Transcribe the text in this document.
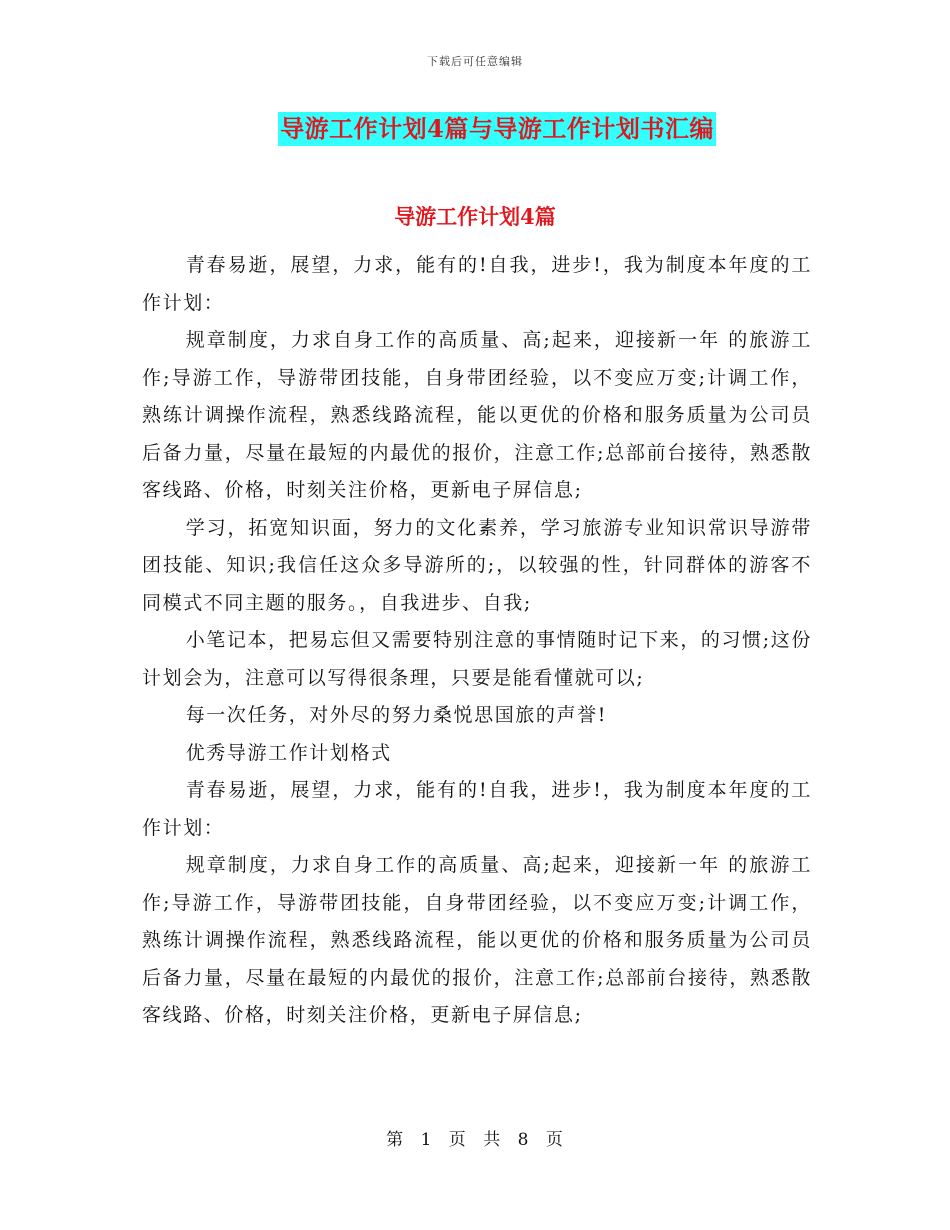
下载后可任意编辑
导游工作计划4篇与导游工作计划书汇编
导游工作计划4篇

青春易逝，展望，力求，能有的!自我，进步!，我为制度本年度的工作计划：

规章制度，力求自身工作的高质量、高;起来，迎接新一年 的旅游工作;导游工作，导游带团技能，自身带团经验，以不变应万变;计调工作，熟练计调操作流程，熟悉线路流程，能以更优的价格和服务质量为公司员后备力量，尽量在最短的内最优的报价，注意工作;总部前台接待，熟悉散客线路、价格，时刻关注价格，更新电子屏信息;

学习，拓宽知识面，努力的文化素养，学习旅游专业知识常识导游带团技能、知识;我信任这众多导游所的;，以较强的性，针同群体的游客不同模式不同主题的服务。，自我进步、自我;

小笔记本，把易忘但又需要特别注意的事情随时记下来，的习惯;这份计划会为，注意可以写得很条理，只要是能看懂就可以;

每一次任务，对外尽的努力桑悦思国旅的声誉!

优秀导游工作计划格式

青春易逝，展望，力求，能有的!自我，进步!，我为制度本年度的工作计划：

规章制度，力求自身工作的高质量、高;起来，迎接新一年 的旅游工作;导游工作，导游带团技能，自身带团经验，以不变应万变;计调工作，熟练计调操作流程，熟悉线路流程，能以更优的价格和服务质量为公司员后备力量，尽量在最短的内最优的报价，注意工作;总部前台接待，熟悉散客线路、价格，时刻关注价格，更新电子屏信息;

第 1 页 共 8 页
